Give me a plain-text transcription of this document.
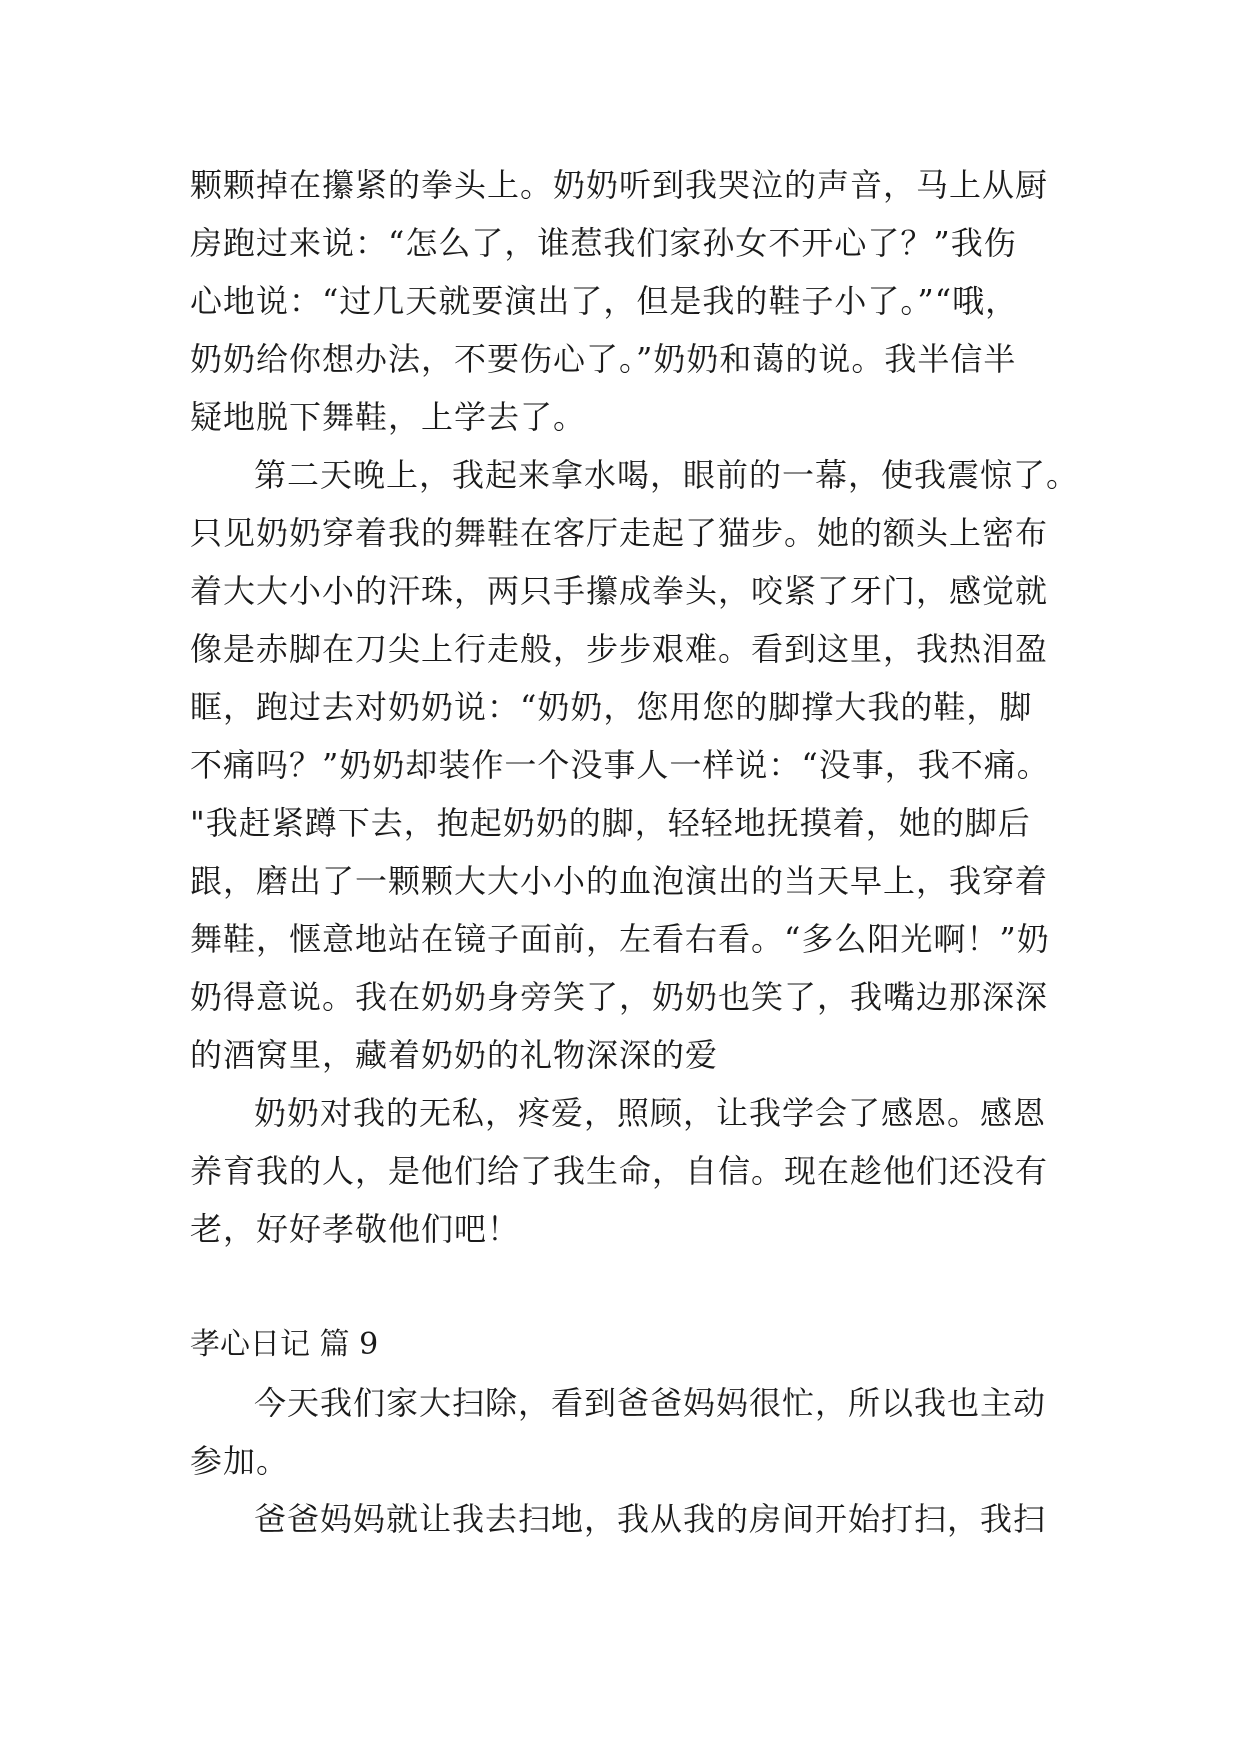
颗颗掉在攥紧的拳头上。奶奶听到我哭泣的声音，马上从厨
房跑过来说：“怎么了，谁惹我们家孙女不开心了？”我伤
心地说：“过几天就要演出了，但是我的鞋子小了。”“哦，
奶奶给你想办法，不要伤心了。”奶奶和蔼的说。我半信半
疑地脱下舞鞋，上学去了。
第二天晚上，我起来拿水喝，眼前的一幕，使我震惊了。
只见奶奶穿着我的舞鞋在客厅走起了猫步。她的额头上密布
着大大小小的汗珠，两只手攥成拳头，咬紧了牙门，感觉就
像是赤脚在刀尖上行走般，步步艰难。看到这里，我热泪盈
眶，跑过去对奶奶说：“奶奶，您用您的脚撑大我的鞋，脚
不痛吗？”奶奶却装作一个没事人一样说：“没事，我不痛。
"我赶紧蹲下去，抱起奶奶的脚，轻轻地抚摸着，她的脚后
跟，磨出了一颗颗大大小小的血泡演出的当天早上，我穿着
舞鞋，惬意地站在镜子面前，左看右看。“多么阳光啊！”奶
奶得意说。我在奶奶身旁笑了，奶奶也笑了，我嘴边那深深
的酒窝里，藏着奶奶的礼物深深的爱
奶奶对我的无私，疼爱，照顾，让我学会了感恩。感恩
养育我的人，是他们给了我生命，自信。现在趁他们还没有
老，好好孝敬他们吧！
孝心日记 篇 9
今天我们家大扫除，看到爸爸妈妈很忙，所以我也主动
参加。
爸爸妈妈就让我去扫地，我从我的房间开始打扫，我扫
